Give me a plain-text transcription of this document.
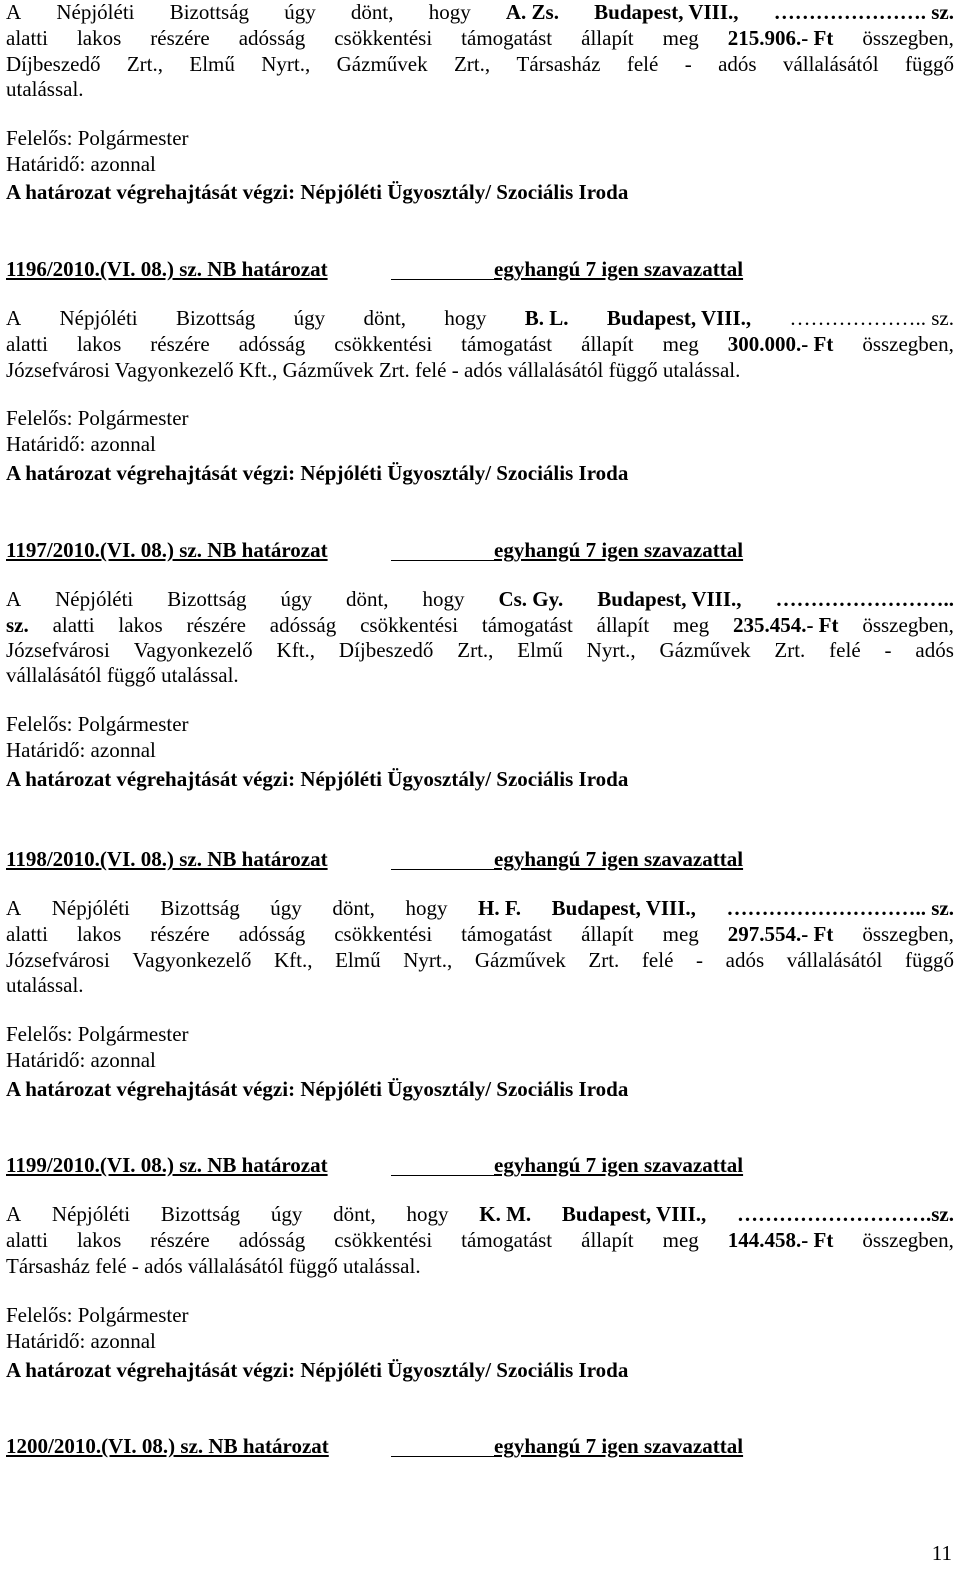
A Népjóléti Bizottság úgy dönt, hogy A. Zs. Budapest, VIII., …………………. sz.
alatti lakos részére adósság csökkentési támogatást állapít meg 215.906.- Ft összegben,
Díjbeszedő Zrt., Elmű Nyrt., Gázművek Zrt., Társasház felé - adós vállalásától függő
utalással.
Felelős: Polgármester
Határidő: azonnal
A határozat végrehajtását végzi: Népjóléti Ügyosztály/ Szociális Iroda
1196/2010.(VI. 08.) sz. NB határozat	egyhangú 7 igen szavazattal
A Népjóléti Bizottság úgy dönt, hogy B. L. Budapest, VIII., ……………….. sz.
alatti lakos részére adósság csökkentési támogatást állapít meg 300.000.- Ft összegben,
Józsefvárosi Vagyonkezelő Kft., Gázművek Zrt. felé - adós vállalásától függő utalással.
Felelős: Polgármester
Határidő: azonnal
A határozat végrehajtását végzi: Népjóléti Ügyosztály/ Szociális Iroda
1197/2010.(VI. 08.) sz. NB határozat	egyhangú 7 igen szavazattal
A Népjóléti Bizottság úgy dönt, hogy Cs. Gy. Budapest, VIII., ……………………..
sz. alatti lakos részére adósság csökkentési támogatást állapít meg 235.454.- Ft összegben,
Józsefvárosi Vagyonkezelő Kft., Díjbeszedő Zrt., Elmű Nyrt., Gázművek Zrt. felé - adós
vállalásától függő utalással.
Felelős: Polgármester
Határidő: azonnal
A határozat végrehajtását végzi: Népjóléti Ügyosztály/ Szociális Iroda
1198/2010.(VI. 08.) sz. NB határozat	egyhangú 7 igen szavazattal
A Népjóléti Bizottság úgy dönt, hogy H. F. Budapest, VIII., ……………………….. sz.
alatti lakos részére adósság csökkentési támogatást állapít meg 297.554.- Ft összegben,
Józsefvárosi Vagyonkezelő Kft., Elmű Nyrt., Gázművek Zrt. felé - adós vállalásától függő
utalással.
Felelős: Polgármester
Határidő: azonnal
A határozat végrehajtását végzi: Népjóléti Ügyosztály/ Szociális Iroda
1199/2010.(VI. 08.) sz. NB határozat	egyhangú 7 igen szavazattal
A Népjóléti Bizottság úgy dönt, hogy K. M. Budapest, VIII., ……………………….sz.
alatti lakos részére adósság csökkentési támogatást állapít meg 144.458.- Ft összegben,
Társasház felé - adós vállalásától függő utalással.
Felelős: Polgármester
Határidő: azonnal
A határozat végrehajtását végzi: Népjóléti Ügyosztály/ Szociális Iroda
1200/2010.(VI. 08.) sz. NB határozat	egyhangú 7 igen szavazattal
11
